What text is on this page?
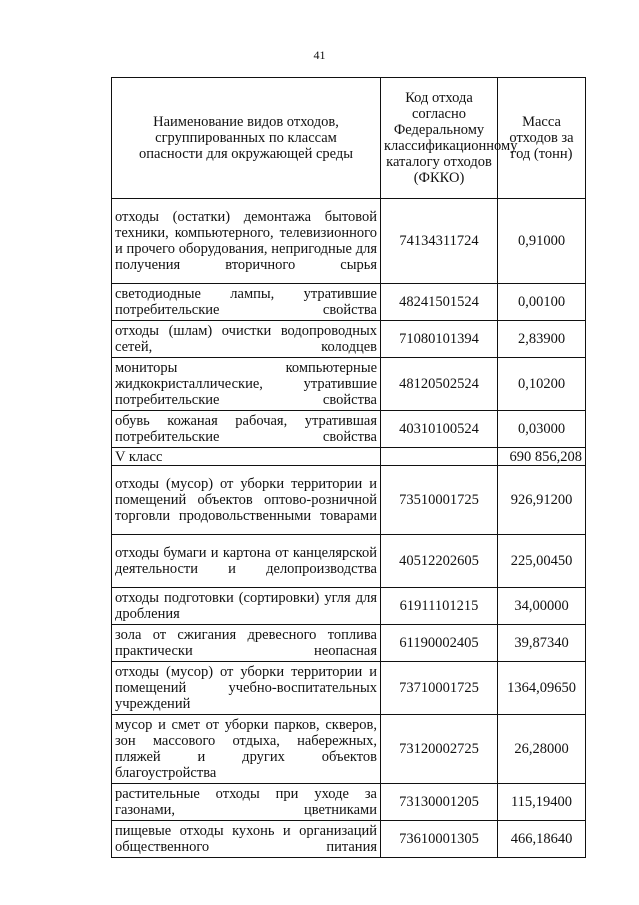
41
Наименование видов отходов, сгруппированных по классам опасности для окружающей среды	Код отхода согласно Федеральному классификационному каталогу отходов (ФККО)	Масса отходов за год (тонн)
отходы (остатки) демонтажа бытовой техники, компьютерного, телевизионного и прочего оборудования, непригодные для получения вторичного сырья	74134311724	0,91000
светодиодные лампы, утратившие потребительские свойства	48241501524	0,00100
отходы (шлам) очистки водопроводных сетей, колодцев	71080101394	2,83900
мониторы компьютерные жидкокристаллические, утратившие потребительские свойства	48120502524	0,10200
обувь кожаная рабочая, утратившая потребительские свойства	40310100524	0,03000
V класс		690 856,208
отходы (мусор) от уборки территории и помещений объектов оптово-розничной торговли продовольственными товарами	73510001725	926,91200
отходы бумаги и картона от канцелярской деятельности и делопроизводства	40512202605	225,00450
отходы подготовки (сортировки) угля для дробления	61911101215	34,00000
зола от сжигания древесного топлива практически неопасная	61190002405	39,87340
отходы (мусор) от уборки территории и помещений учебно-воспитательных учреждений	73710001725	1364,09650
мусор и смет от уборки парков, скверов, зон массового отдыха, набережных, пляжей и других объектов благоустройства	73120002725	26,28000
растительные отходы при уходе за газонами, цветниками	73130001205	115,19400
пищевые отходы кухонь и организаций общественного питания	73610001305	466,18640
